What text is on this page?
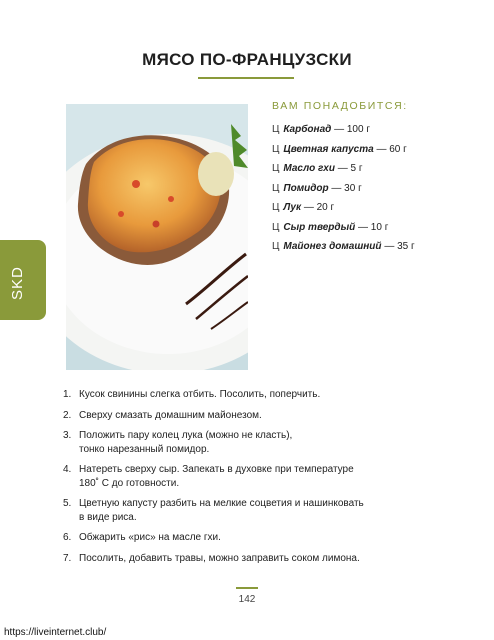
МЯСО ПО-ФРАНЦУЗСКИ
SKD
ВАМ ПОНАДОБИТСЯ:
Ц Карбонад — 100 г
Ц Цветная капуста — 60 г
Ц Масло гхи — 5 г
Ц Помидор — 30 г
Ц Лук — 20 г
Ц Сыр твердый — 10 г
Ц Майонез домашний — 35 г
1. Кусок свинины слегка отбить. Посолить, поперчить.
2. Сверху смазать домашним майонезом.
3. Положить пару колец лука (можно не класть),
тонко нарезанный помидор.
4. Натереть сверху сыр. Запекать в духовке при температуре
180˚ С до готовности.
5. Цветную капусту разбить на мелкие соцветия и нашинковать
в виде риса.
6. Обжарить «рис» на масле гхи.
7. Посолить, добавить травы, можно заправить соком лимона.
142
https://liveinternet.club/
